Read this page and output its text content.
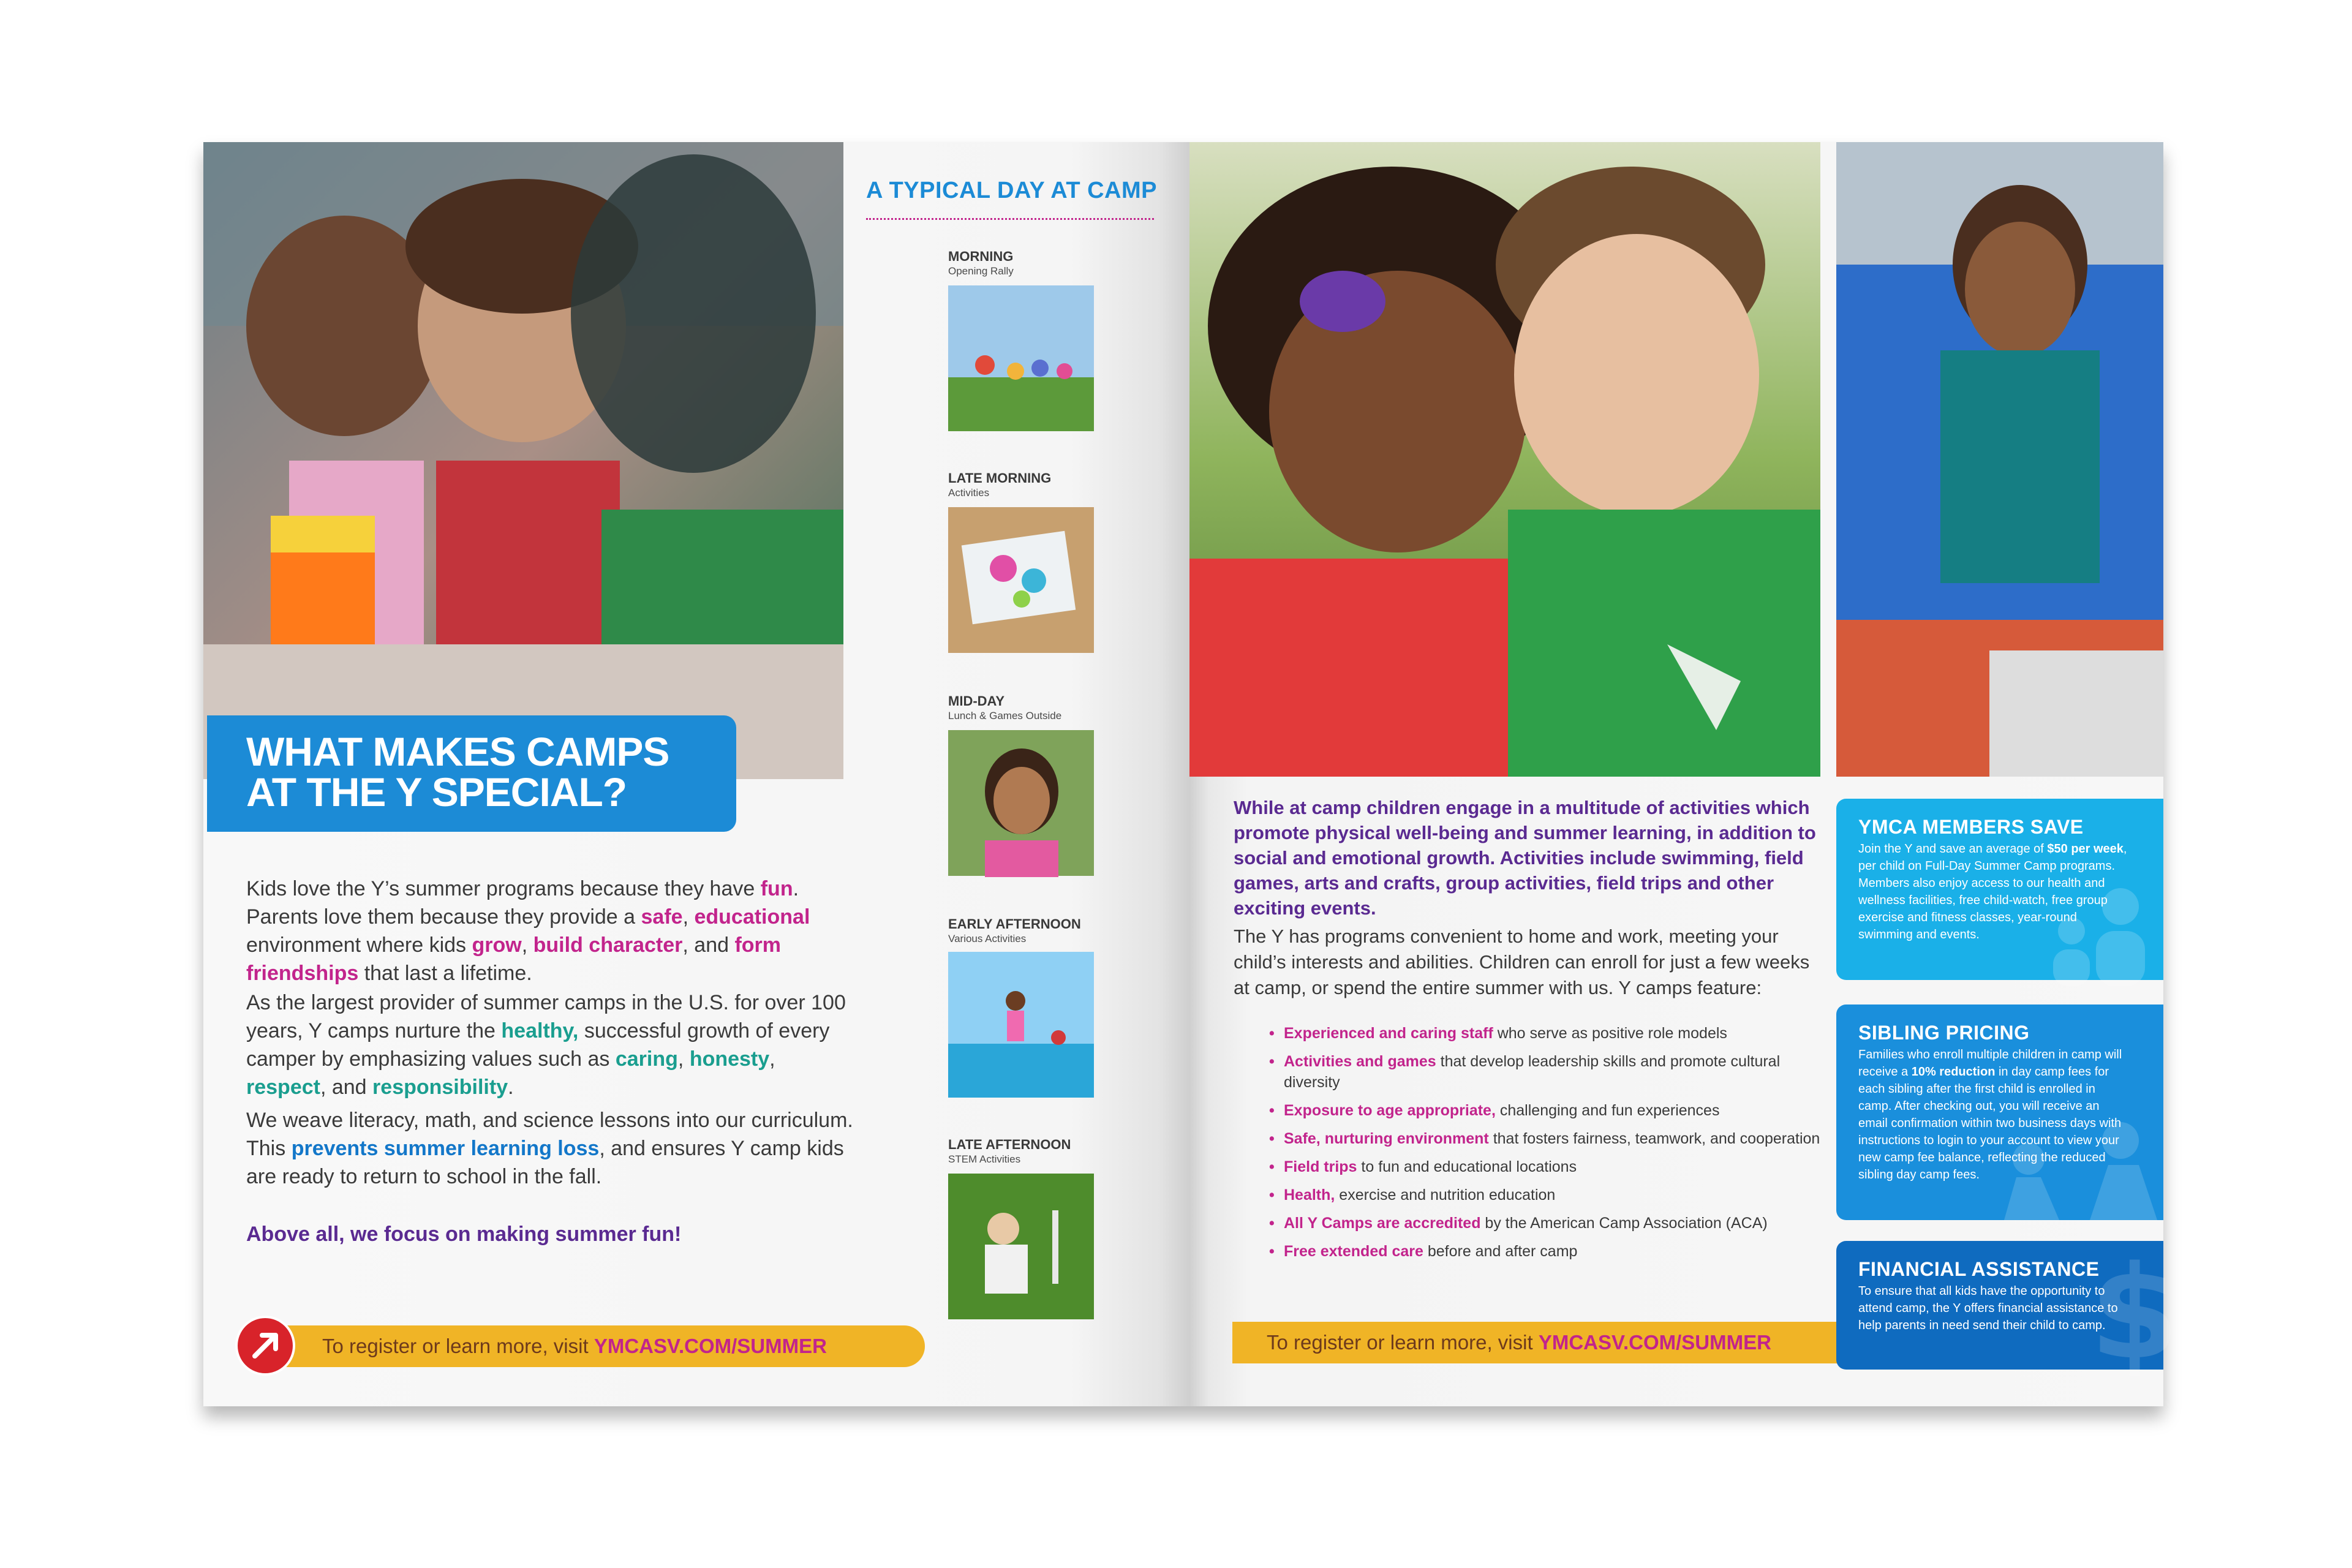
WHAT MAKES CAMPS AT THE Y SPECIAL?
Kids love the Y’s summer programs because they have fun. Parents love them because they provide a safe, educational environment where kids grow, build character, and form friendships that last a lifetime.
As the largest provider of summer camps in the U.S. for over 100 years, Y camps nurture the healthy, successful growth of every camper by emphasizing values such as caring, honesty, respect, and responsibility.
We weave literacy, math, and science lessons into our curriculum. This prevents summer learning loss, and ensures Y camp kids are ready to return to school in the fall.
Above all, we focus on making summer fun!
To register or learn more, visit YMCASV.COM/SUMMER
A TYPICAL DAY AT CAMP
MORNING
Opening Rally
LATE MORNING
Activities
MID-DAY
Lunch & Games Outside
EARLY AFTERNOON
Various Activities
LATE AFTERNOON
STEM Activities
While at camp children engage in a multitude of activities which promote physical well-being and summer learning, in addition to social and emotional growth. Activities include swimming, field games, arts and crafts, group activities, field trips and other exciting events.
The Y has programs convenient to home and work, meeting your child’s interests and abilities. Children can enroll for just a few weeks at camp, or spend the entire summer with us. Y camps feature:
• Experienced and caring staff who serve as positive role models
• Activities and games that develop leadership skills and promote cultural diversity
• Exposure to age appropriate, challenging and fun experiences
• Safe, nurturing environment that fosters fairness, teamwork, and cooperation
• Field trips to fun and educational locations
• Health, exercise and nutrition education
• All Y Camps are accredited by the American Camp Association (ACA)
• Free extended care before and after camp
To register or learn more, visit YMCASV.COM/SUMMER
YMCA MEMBERS SAVE

Join the Y and save an average of $50 per week, per child on Full-Day Summer Camp programs. Members also enjoy access to our health and wellness facilities, free child-watch, free group exercise and fitness classes, year-round swimming and events.

SIBLING PRICING

Families who enroll multiple children in camp will receive a 10% reduction in day camp fees for each sibling after the first child is enrolled in camp. After checking out, you will receive an email confirmation within two business days with instructions to login to your account to view your new camp fee balance, reflecting the reduced sibling day camp fees.

$
FINANCIAL ASSISTANCE

To ensure that all kids have the opportunity to attend camp, the Y offers financial assistance to help parents in need send their child to camp.
